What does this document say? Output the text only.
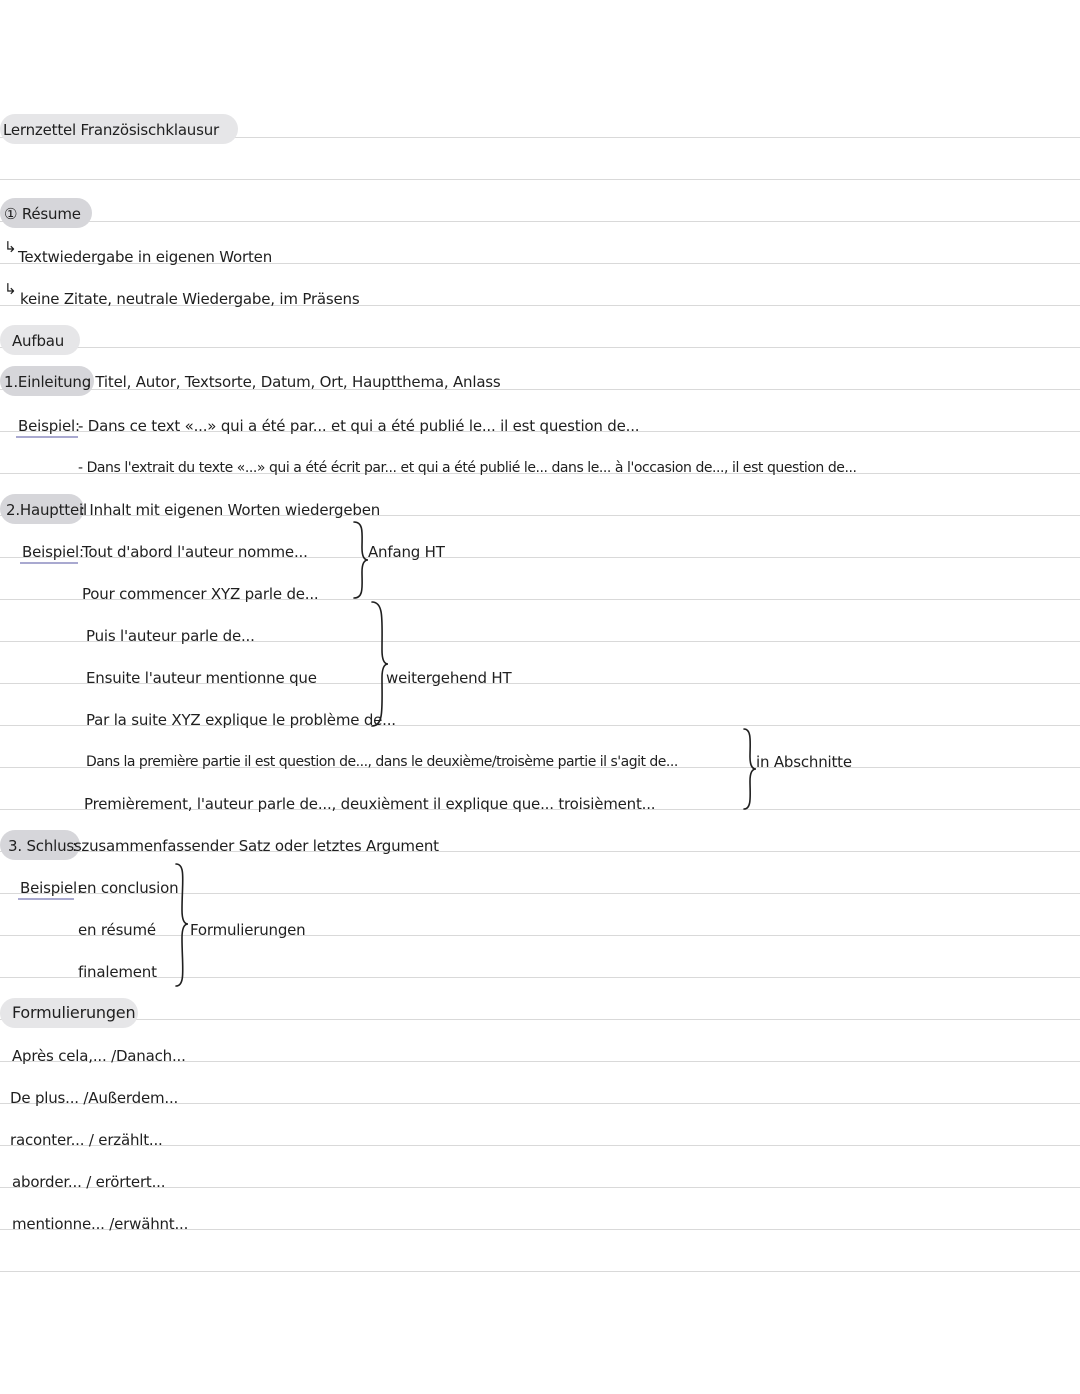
Lernzettel Französischklausur
① Résume
↳
Textwiedergabe in eigenen Worten
↳
keine Zitate, neutrale Wiedergabe, im Präsens
Aufbau
1.Einleitung
: Titel, Autor, Textsorte, Datum, Ort, Hauptthema, Anlass
Beispiel:
- Dans ce text «...» qui a été par... et qui a été publié le... il est question de...
- Dans l'extrait du texte «...» qui a été écrit par... et qui a été publié le... dans le... à l'occasion de..., il est question de...
2.Hauptteil
: Inhalt mit eigenen Worten wiedergeben
Beispiel:
Tout d'abord l'auteur nomme...
Pour commencer XYZ parle de...
Puis l'auteur parle de...
Ensuite l'auteur mentionne que
Par la suite XYZ explique le problème de...
Dans la première partie il est question de..., dans le deuxième/troisème partie il s'agit de...
Premièrement, l'auteur parle de..., deuxièment il explique que... troisièment...
Anfang HT
weitergehend HT
in Abschnitte
3. Schluss
: zusammenfassender Satz oder letztes Argument
Beispiel:
en conclusion
en résumé
finalement
Formulierungen
Formulierungen
Après cela,... /Danach...
De plus... /Außerdem...
raconter... / erzählt...
aborder... / erörtert...
mentionne... /erwähnt...
